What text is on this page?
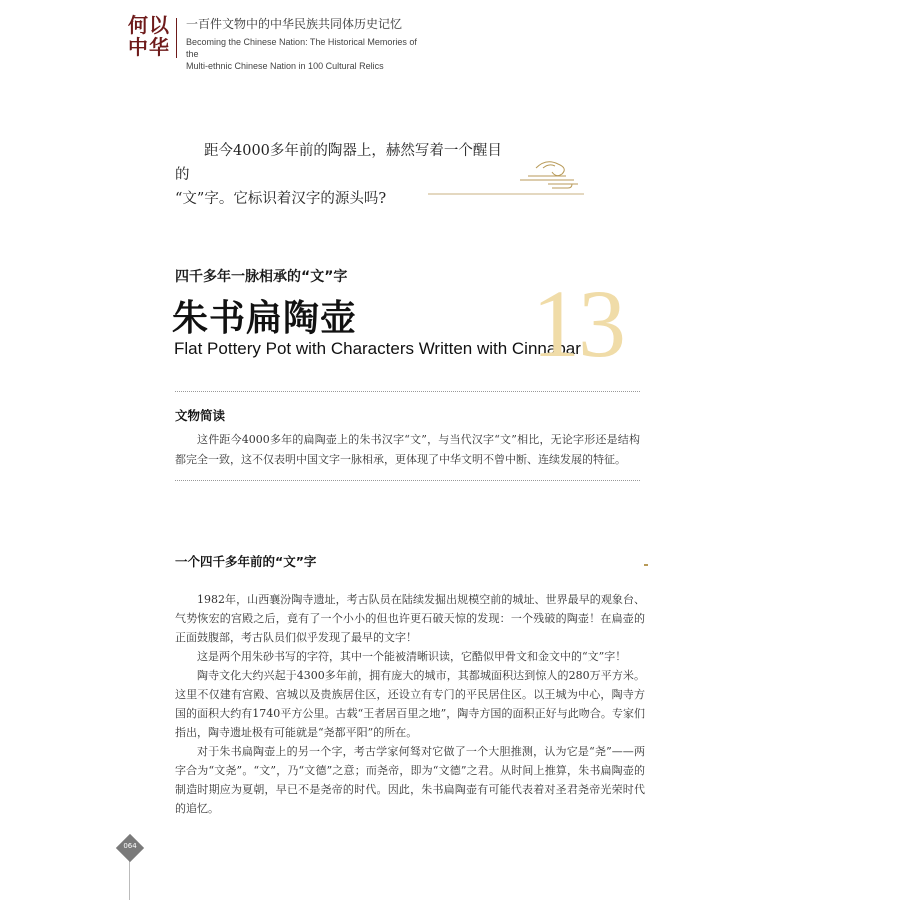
何以
中华
一百件文物中的中华民族共同体历史记忆
Becoming the Chinese Nation: The Historical Memories of the
Multi-ethnic Chinese Nation in 100 Cultural Relics
距今4000多年前的陶器上，赫然写着一个醒目的
“文”字。它标识着汉字的源头吗?
四千多年一脉相承的“文”字
朱书扁陶壶
Flat Pottery Pot with Characters Written with Cinnabar
13
文物简读
这件距今4000多年的扁陶壶上的朱书汉字“文”，与当代汉字“文”相比，无论字形还是结构都完全一致，这不仅表明中国文字一脉相承，更体现了中华文明不曾中断、连续发展的特征。
一个四千多年前的“文”字

1982年，山西襄汾陶寺遗址，考古队员在陆续发掘出规模空前的城址、世界最早的观象台、气势恢宏的宫殿之后，竟有了一个小小的但也许更石破天惊的发现：一个残破的陶壶！在扁壶的正面鼓腹部，考古队员们似乎发现了最早的文字！

这是两个用朱砂书写的字符，其中一个能被清晰识读，它酷似甲骨文和金文中的“文”字！

陶寺文化大约兴起于4300多年前，拥有庞大的城市，其都城面积达到惊人的280万平方米。这里不仅建有宫殿、宫城以及贵族居住区，还设立有专门的平民居住区。以王城为中心，陶寺方国的面积大约有1740平方公里。古载“王者居百里之地”，陶寺方国的面积正好与此吻合。专家们指出，陶寺遗址极有可能就是“尧都平阳”的所在。

对于朱书扁陶壶上的另一个字，考古学家何驽对它做了一个大胆推测，认为它是“尧”——两字合为“文尧”。“文”，乃“文德”之意；而尧帝，即为“文德”之君。从时间上推算，朱书扁陶壶的制造时期应为夏朝，早已不是尧帝的时代。因此，朱书扁陶壶有可能代表着对圣君尧帝光荣时代的追忆。

064
